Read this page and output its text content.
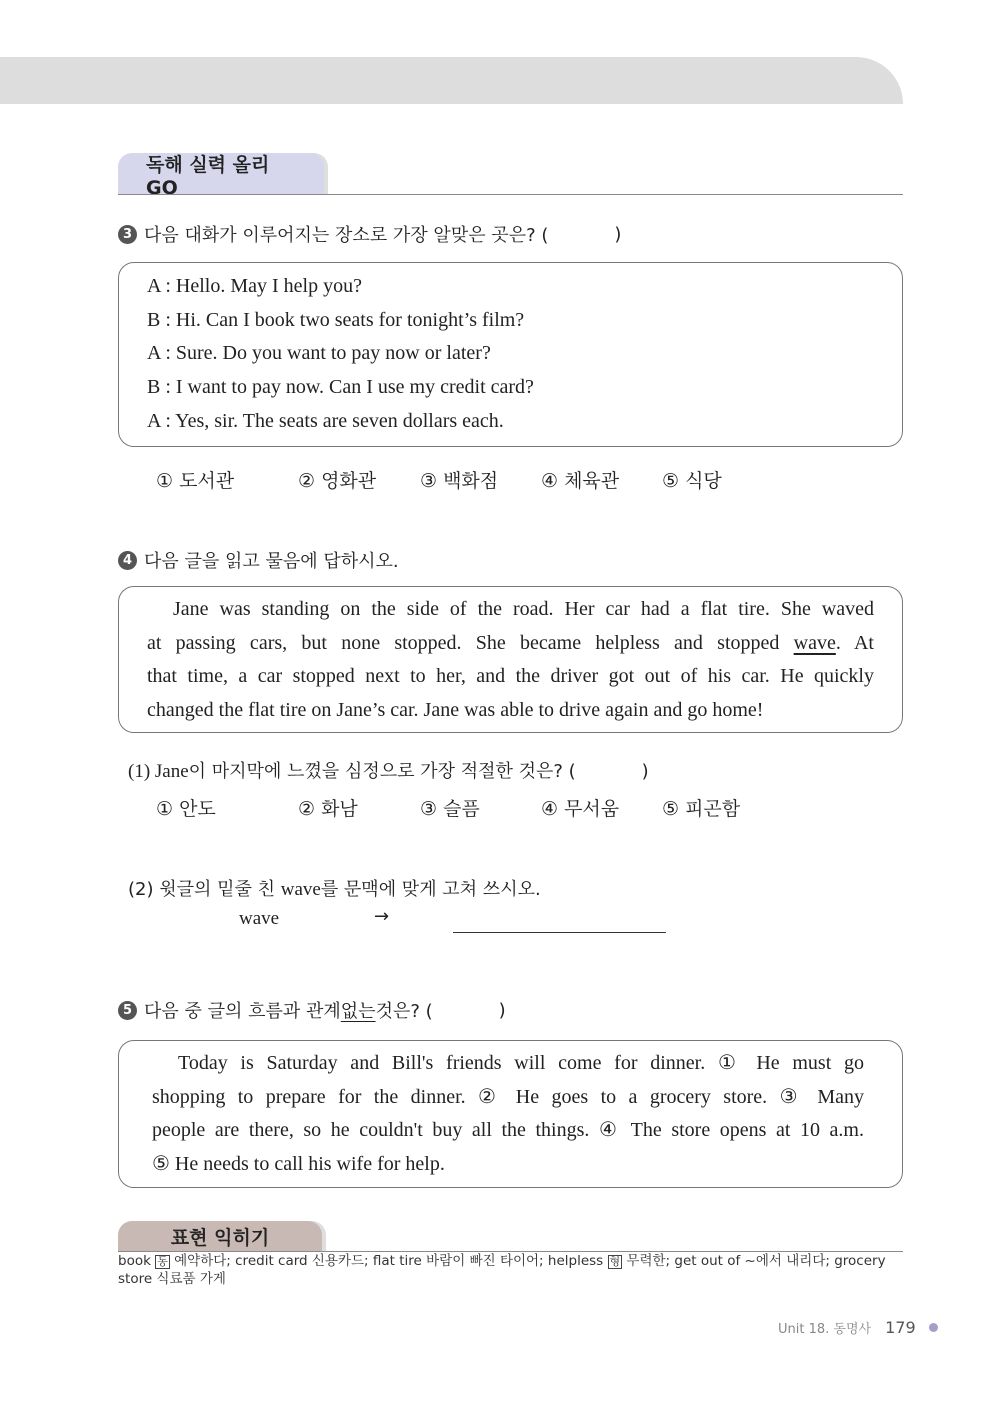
독해 실력 올리GO
3 다음 대화가 이루어지는 장소로 가장 알맞은 곳은? (	)
A : Hello. May I help you?
B : Hi. Can I book two seats for tonight’s film?
A : Sure. Do you want to pay now or later?
B : I want to pay now. Can I use my credit card?
A : Yes, sir. The seats are seven dollars each.
① 도서관	② 영화관 ③ 백화점 ④ 체육관 ⑤ 식당
4 다음 글을 읽고 물음에 답하시오.
Jane was standing on the side of the road. Her car had a flat tire. She waved
at passing cars, but none stopped. She became helpless and stopped wave. At
that time, a car stopped next to her, and the driver got out of his car. He quickly
changed the flat tire on Jane’s car. Jane was able to drive again and go home!
(1) Jane이 마지막에 느꼈을 심정으로 가장 적절한 것은? (	)
① 안도	② 화남	③ 슬픔	④ 무서움 ⑤ 피곤함
(2) 윗글의 밑줄 친 wave를 문맥에 맞게 고쳐 쓰시오.
wave	→
5 다음 중 글의 흐름과 관계 없는 것은? (	)
Today is Saturday and Bill's friends will come for dinner. ① He must go
shopping to prepare for the dinner. ② He goes to a grocery store. ③ Many
people are there, so he couldn't buy all the things. ④ The store opens at 10 a.m.
⑤ He needs to call his wife for help.
표현 익히기
book 동 예약하다; credit card 신용카드; flat tire 바람이 빠진 타이어; helpless 형 무력한; get out of ~에서 내리다; grocery store 식료품 가게
Unit 18. 동명사 179
